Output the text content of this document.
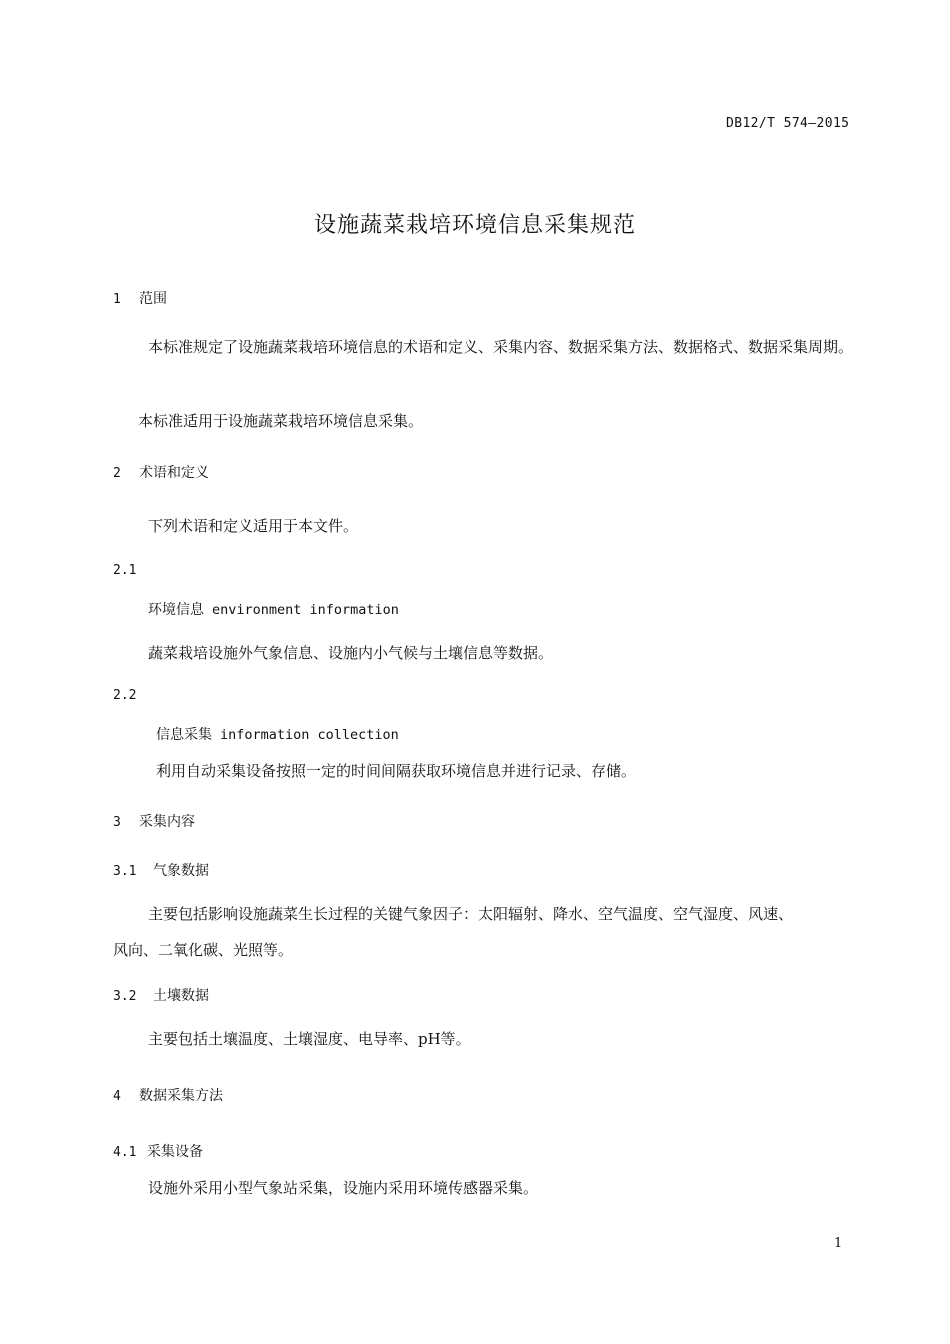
DB12/T 574—2015
设施蔬菜栽培环境信息采集规范
1 范围
本标准规定了设施蔬菜栽培环境信息的术语和定义、采集内容、数据采集方法、数据格式、数据采集周期。
本标准适用于设施蔬菜栽培环境信息采集。
2 术语和定义
下列术语和定义适用于本文件。
2.1
环境信息 environment information
蔬菜栽培设施外气象信息、设施内小气候与土壤信息等数据。
2.2
信息采集 information collection
利用自动采集设备按照一定的时间间隔获取环境信息并进行记录、存储。
3 采集内容
3.1 气象数据
主要包括影响设施蔬菜生长过程的关键气象因子：太阳辐射、降水、空气温度、空气湿度、风速、
风向、二氧化碳、光照等。
3.2 土壤数据
主要包括土壤温度、土壤湿度、电导率、pH等。
4 数据采集方法
4.1 采集设备
设施外采用小型气象站采集，设施内采用环境传感器采集。
1
